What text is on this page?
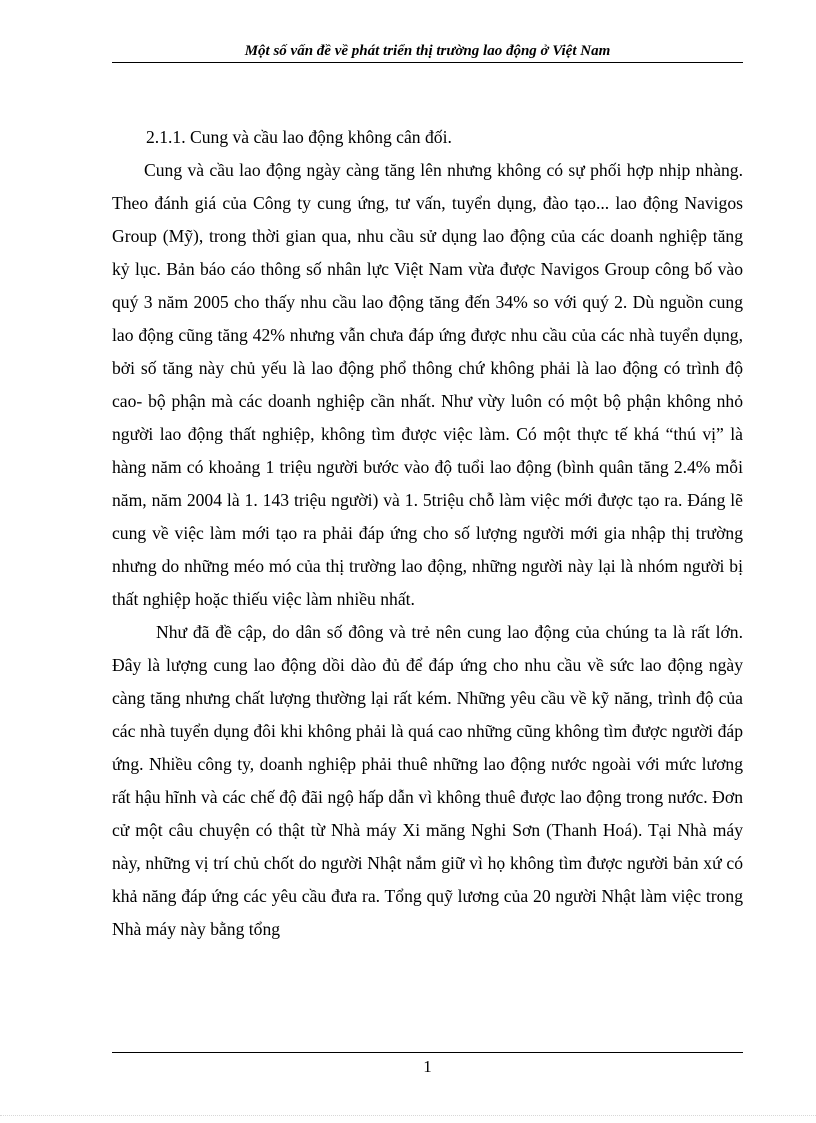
Một số vấn đề về phát triển thị trường lao động ở Việt Nam

2.1.1. Cung và cầu lao động không cân đối.

Cung và cầu lao động ngày càng tăng lên nhưng không có sự phối hợp nhịp nhàng. Theo đánh giá của Công ty cung ứng, tư vấn, tuyển dụng, đào tạo... lao động Navigos Group (Mỹ), trong thời gian qua, nhu cầu sử dụng lao động của các doanh nghiệp tăng kỷ lục. Bản báo cáo thông số nhân lực Việt Nam vừa được Navigos Group công bố vào quý 3 năm 2005 cho thấy nhu cầu lao động tăng đến 34% so với quý 2. Dù nguồn cung lao động cũng tăng 42% nhưng vẫn chưa đáp ứng được nhu cầu của các nhà tuyển dụng, bởi số tăng này chủ yếu là lao động phổ thông chứ không phải là lao động có trình độ cao- bộ phận mà các doanh nghiệp cần nhất. Như vừy luôn có một bộ phận không nhỏ người lao động thất nghiệp, không tìm được việc làm. Có một thực tế khá “thú vị” là hàng năm có khoảng 1 triệu người bước vào độ tuổi lao động (bình quân tăng 2.4% mỗi năm, năm 2004 là 1. 143 triệu người) và 1. 5triệu chỗ làm việc mới được tạo ra. Đáng lẽ cung về việc làm mới tạo ra phải đáp ứng cho số lượng người mới gia nhập thị trường nhưng do những méo mó của thị trường lao động, những người này lại là nhóm người bị thất nghiệp hoặc thiếu việc làm nhiều nhất.

Như đã đề cập, do dân số đông và trẻ nên cung lao động của chúng ta là rất lớn. Đây là lượng cung lao động dồi dào đủ để đáp ứng cho nhu cầu về sức lao động ngày càng tăng nhưng chất lượng thường lại rất kém. Những yêu cầu về kỹ năng, trình độ của các nhà tuyển dụng đôi khi không phải là quá cao những cũng không tìm được người đáp ứng. Nhiều công ty, doanh nghiệp phải thuê những lao động nước ngoài với mức lương rất hậu hĩnh và các chế độ đãi ngộ hấp dẫn vì không thuê được lao động trong nước. Đơn cử một câu chuyện có thật từ Nhà máy Xi măng Nghi Sơn (Thanh Hoá). Tại Nhà máy này, những vị trí chủ chốt do người Nhật nắm giữ vì họ không tìm được người bản xứ có khả năng đáp ứng các yêu cầu đưa ra. Tổng quỹ lương của 20 người Nhật làm việc trong Nhà máy này bằng tổng

1
